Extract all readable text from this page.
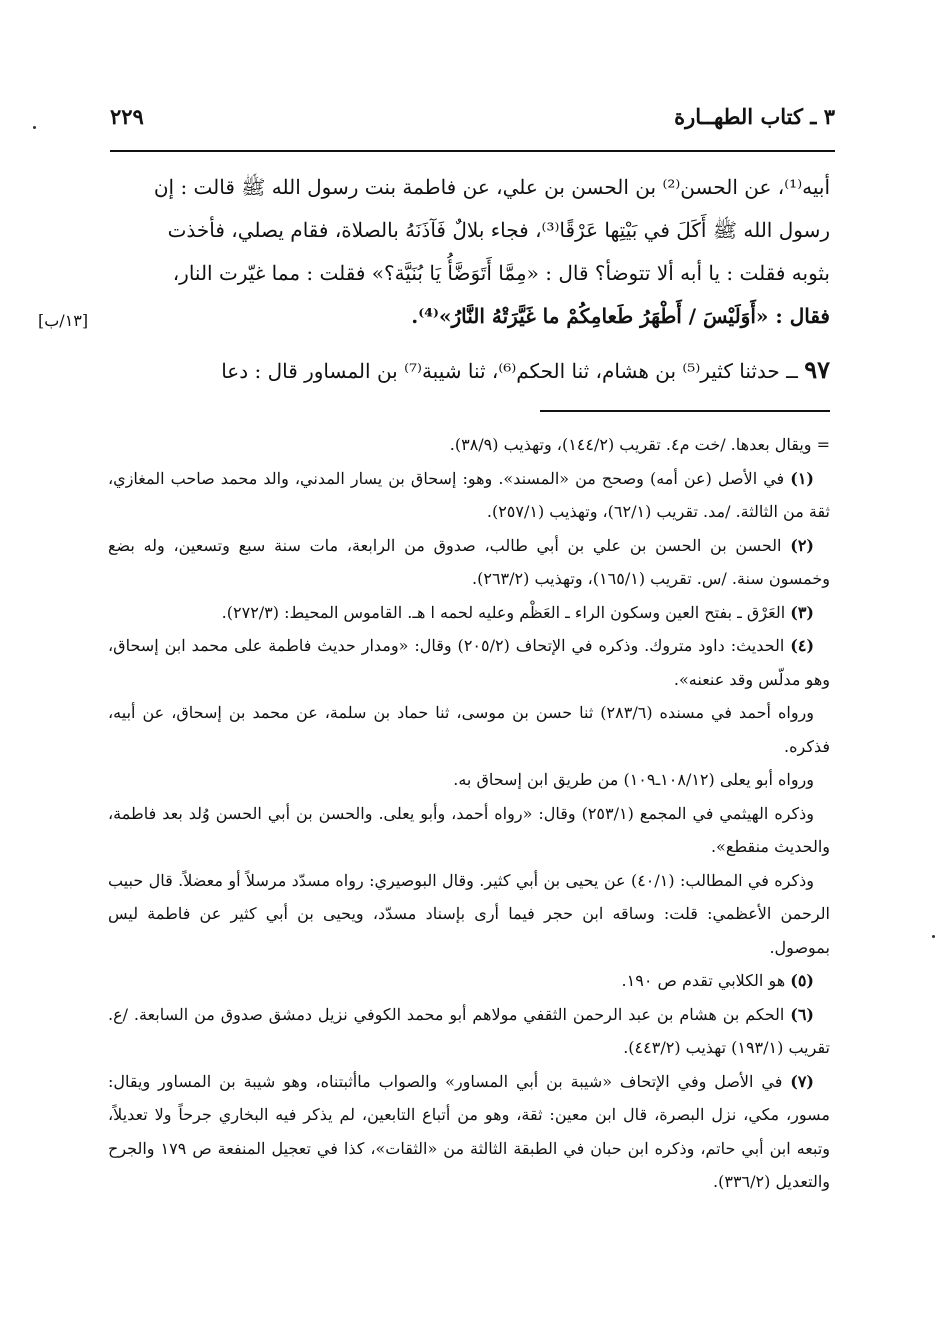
٣ ـ كتاب الطهــارة
٢٢٩
[١٣/ب]

أبيه⁽¹⁾، عن الحسن⁽²⁾ بن الحسن بن علي، عن فاطمة بنت رسول الله ﷺ قالت : إن
رسول الله ﷺ أَكَلَ في بَيْتِها عَرْقًا⁽³⁾، فجاء بلالٌ فَآذَنَهُ بالصلاة، فقام يصلي، فأخذت
بثوبه فقلت : يا أبه ألا تتوضأ؟ قال : «مِمَّا أَتَوَضَّأُ يَا بُنَيَّة؟» فقلت : مما غيّرت النار،
فقال : «أَوَلَيْسَ / أَطْهَرُ طَعامِكُمْ ما غَيَّرَتْهُ النَّارُ»⁽⁴⁾.

٩٧ ــ حدثنا كثير⁽⁵⁾ بن هشام، ثنا الحكم⁽⁶⁾، ثنا شيبة⁽⁷⁾ بن المساور قال : دعا

= ويقال بعدها. /خت م٤. تقريب (١٤٤/٢)، وتهذيب (٣٨/٩).

(١) في الأصل (عن أمه) وصحح من «المسند». وهو: إسحاق بن يسار المدني، والد محمد صاحب المغازي، ثقة من الثالثة. /مد. تقريب (٦٢/١)، وتهذيب (٢٥٧/١).

(٢) الحسن بن الحسن بن علي بن أبي طالب، صدوق من الرابعة، مات سنة سبع وتسعين، وله بضع وخمسون سنة. /س. تقريب (١٦٥/١)، وتهذيب (٢٦٣/٢).

(٣) العَرْق ـ بفتح العين وسكون الراء ـ العَظْم وعليه لحمه ا هـ. القاموس المحيط: (٢٧٢/٣).

(٤) الحديث: داود متروك. وذكره في الإتحاف (٢٠٥/٢) وقال: «ومدار حديث فاطمة على محمد ابن إسحاق، وهو مدلّس وقد عنعنه».

ورواه أحمد في مسنده (٢٨٣/٦) ثنا حسن بن موسى، ثنا حماد بن سلمة، عن محمد بن إسحاق، عن أبيه، فذكره.

ورواه أبو يعلى (١٠٨/١٢ـ١٠٩) من طريق ابن إسحاق به.

وذكره الهيثمي في المجمع (٢٥٣/١) وقال: «رواه أحمد، وأبو يعلى. والحسن بن أبي الحسن وُلد بعد فاطمة، والحديث منقطع».

وذكره في المطالب: (٤٠/١) عن يحيى بن أبي كثير. وقال البوصيري: رواه مسدّد مرسلاً أو معضلاً. قال حبيب الرحمن الأعظمي: قلت: وساقه ابن حجر فيما أرى بإسناد مسدّد، ويحيى بن أبي كثير عن فاطمة ليس بموصول.

(٥) هو الكلابي تقدم ص ١٩٠.

(٦) الحكم بن هشام بن عبد الرحمن الثقفي مولاهم أبو محمد الكوفي نزيل دمشق صدوق من السابعة. /ع. تقريب (١٩٣/١) تهذيب (٤٤٣/٢).

(٧) في الأصل وفي الإتحاف «شيبة بن أبي المساور» والصواب ماأثبتناه، وهو شيبة بن المساور ويقال: مسور، مكي، نزل البصرة، قال ابن معين: ثقة، وهو من أتباع التابعين، لم يذكر فيه البخاري جرحاً ولا تعديلاً، وتبعه ابن أبي حاتم، وذكره ابن حبان في الطبقة الثالثة من «الثقات»، كذا في تعجيل المنفعة ص ١٧٩ والجرح والتعديل (٣٣٦/٢).
